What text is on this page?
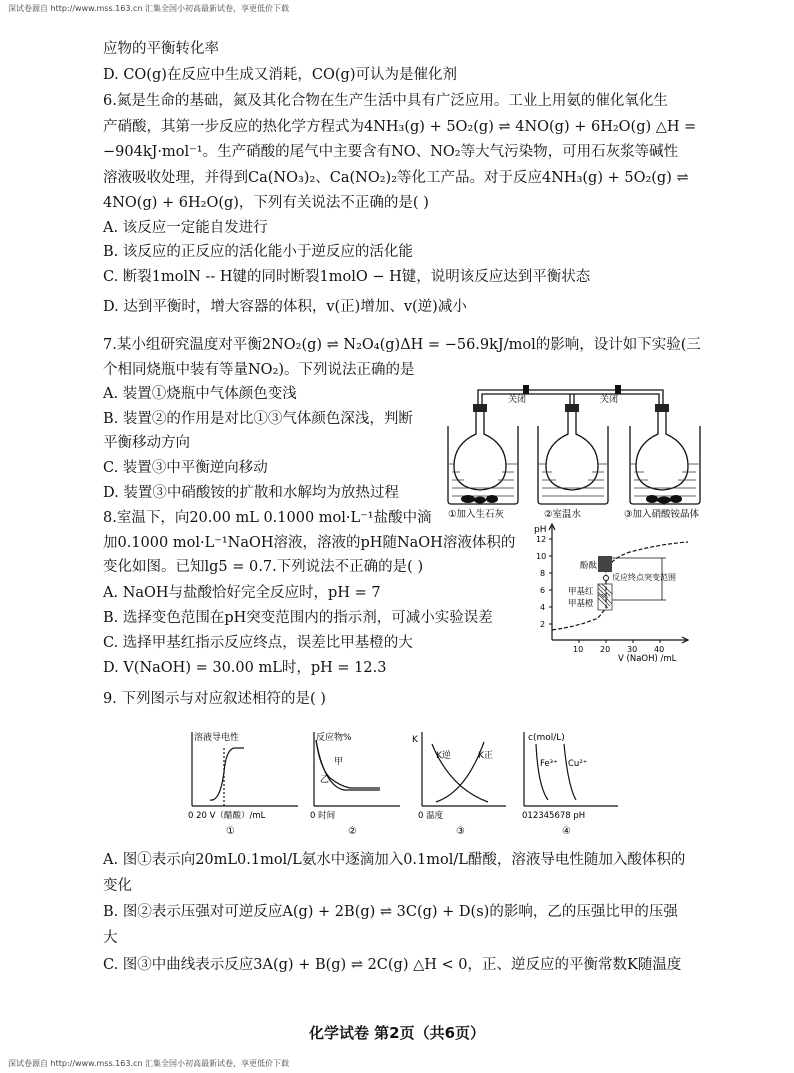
深试卷源自 http://www.mss.163.cn 汇集全国小初高最新试卷，享更低价下载
应物的平衡转化率
D. CO(g)在反应中生成又消耗，CO(g)可认为是催化剂
6.氮是生命的基础，氮及其化合物在生产生活中具有广泛应用。工业上用氨的催化氧化生
产硝酸，其第一步反应的热化学方程式为4NH₃(g) + 5O₂(g) ⇌ 4NO(g) + 6H₂O(g) △H =
−904kJ·mol⁻¹。生产硝酸的尾气中主要含有NO、NO₂等大气污染物，可用石灰浆等碱性
溶液吸收处理，并得到Ca(NO₃)₂、Ca(NO₂)₂等化工产品。对于反应4NH₃(g) + 5O₂(g) ⇌
4NO(g) + 6H₂O(g)，下列有关说法不正确的是( )
A. 该反应一定能自发进行
B. 该反应的正反应的活化能小于逆反应的活化能
C. 断裂1molN -- H键的同时断裂1molO − H键，说明该反应达到平衡状态
D. 达到平衡时，增大容器的体积，v(正)增加、v(逆)减小
7.某小组研究温度对平衡2NO₂(g) ⇌ N₂O₄(g)ΔH = −56.9kJ/mol的影响，设计如下实验(三
个相同烧瓶中装有等量NO₂)。下列说法正确的是
A. 装置①烧瓶中气体颜色变浅
B. 装置②的作用是对比①③气体颜色深浅，判断
平衡移动方向
C. 装置③中平衡逆向移动
D. 装置③中硝酸铵的扩散和水解均为放热过程
8.室温下，向20.00 mL 0.1000 mol·L⁻¹盐酸中滴
加0.1000 mol·L⁻¹NaOH溶液，溶液的pH随NaOH溶液体积的
变化如图。已知lg5 = 0.7.下列说法不正确的是( )
A. NaOH与盐酸恰好完全反应时，pH = 7
B. 选择变色范围在pH突变范围内的指示剂，可减小实验误差
C. 选择甲基红指示反应终点，误差比甲基橙的大
D. V(NaOH) = 30.00 mL时，pH = 12.3
9. 下列图示与对应叙述相符的是( )
A. 图①表示向20mL0.1mol/L氨水中逐滴加入0.1mol/L醋酸，溶液导电性随加入酸体积的
变化
B. 图②表示压强对可逆反应A(g) + 2B(g) ⇌ 3C(g) + D(s)的影响，乙的压强比甲的压强
大
C. 图③中曲线表示反应3A(g) + B(g) ⇌ 2C(g) △H < 0，正、逆反应的平衡常数K随温度
关闭	关闭
①加入生石灰	②室温水	③加入硝酸铵晶体
pH
2
4
6
8
10
12
10 20 30 40
V (NaOH) /mL
酚酞
反应终点突变范围
甲基红
甲基橙
溶液导电性
0 20 V（醋酸）/mL
①
反应物%
甲
乙
0 时间
②
K
K逆	K正
0 温度
③
c(mol/L)
Fe³⁺ Cu²⁺
012345678 pH
④
化学试卷 第2页（共6页）
深试卷源自 http://www.mss.163.cn 汇集全国小初高最新试卷，享更低价下载
